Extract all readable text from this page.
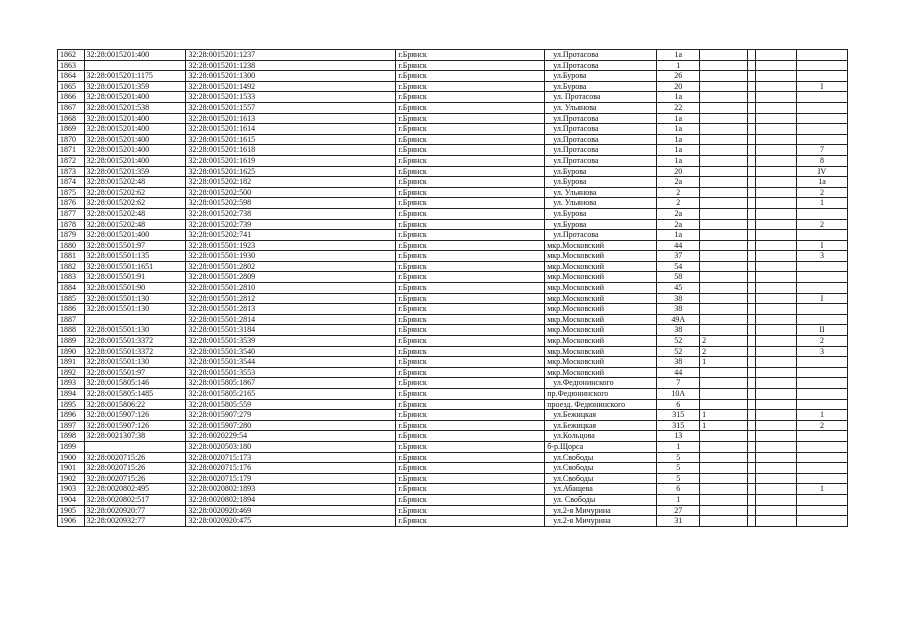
1862	32:28:0015201:400	32:28:0015201:1237	г.Брянск	ул.Протасова	1а				
1863		32:28:0015201:1238	г.Брянск	ул.Протасова	1				
1864	32:28:0015201:1175	32:28:0015201:1300	г.Брянск	ул.Бурова	26				
1865	32:28:0015201:359	32:28:0015201:1492	г.Брянск	ул.Бурова	20				I
1866	32:28:0015201:400	32:28:0015201:1533	г.Брянск	ул. Протасова	1а				
1867	32:28:0015201:538	32:28:0015201:1557	г.Брянск	ул. Ульянова	22				
1868	32:28:0015201:400	32:28:0015201:1613	г.Брянск	ул.Протасова	1а				
1869	32:28:0015201:400	32:28:0015201:1614	г.Брянск	ул.Протасова	1а				
1870	32:28:0015201:400	32:28:0015201:1615	г.Брянск	ул.Протасова	1а				
1871	32:28:0015201:400	32:28:0015201:1618	г.Брянск	ул.Протасова	1а				7
1872	32:28:0015201:400	32:28:0015201:1619	г.Брянск	ул.Протасова	1а				8
1873	32:28:0015201:359	32:28:0015201:1625	г.Брянск	ул.Бурова	20				IV
1874	32:28:0015202:48	32:28:0015202:182	г.Брянск	ул.Бурова	2а				1а
1875	32:28:0015202:62	32:28:0015202:500	г.Брянск	ул. Ульянова	2				2
1876	32:28:0015202:62	32:28:0015202:598	г.Брянск	ул. Ульянова	2				1
1877	32:28:0015202:48	32:28:0015202:738	г.Брянск	ул.Бурова	2а				
1878	32:28:0015202:48	32:28:0015202:739	г.Брянск	ул.Бурова	2а				2
1879	32:28:0015201:400	32:28:0015202:741	г.Брянск	ул.Протасова	1а				
1880	32:28:0015501:97	32:28:0015501:1923	г.Брянск	мкр.Московский	44				I
1881	32:28:0015501:135	32:28:0015501:1930	г.Брянск	мкр.Московский	37				3
1882	32:28:0015501:1651	32:28:0015501:2802	г.Брянск	мкр.Московский	54				
1883	32:28:0015501:91	32:28:0015501:2809	г.Брянск	мкр.Московский	58				
1884	32:28:0015501:90	32:28:0015501:2810	г.Брянск	мкр.Московский	45				
1885	32:28:0015501:130	32:28:0015501:2812	г.Брянск	мкр.Московский	38				I
1886	32:28:0015501:130	32:28:0015501:2813	г.Брянск	мкр.Московский	38				
1887		32:28:0015501:2814	г.Брянск	мкр.Московский	49А				
1888	32:28:0015501:130	32:28:0015501:3184	г.Брянск	мкр.Московский	38				II
1889	32:28:0015501:3372	32:28:0015501:3539	г.Брянск	мкр.Московский	52	2			2
1890	32:28:0015501:3372	32:28:0015501:3540	г.Брянск	мкр.Московский	52	2			3
1891	32:28:0015501:130	32:28:0015501:3544	г.Брянск	мкр.Московский	38	1			
1892	32:28:0015501:97	32:28:0015501:3553	г.Брянск	мкр.Московский	44				
1893	32:28:0015805:146	32:28:0015805:1867	г.Брянск	ул.Федюнинского	7				
1894	32:28:0015805:1485	32:28:0015805:2165	г.Брянск	пр.Федюнинского	10А				
1895	32:28:0015806:22	32:28:0015805:559	г.Брянск	проезд. Федюнинского	6				
1896	32:28:0015907:126	32:28:0015907:279	г.Брянск	ул.Бежицкая	315	1			1
1897	32:28:0015907:126	32:28:0015907:280	г.Брянск	ул.Бежицкая	315	1			2
1898	32:28:0021307:38	32:28:0020229:54	г.Брянск	ул.Кольцова	13				
1899		32:28:0020503:180	г.Брянск	б-р.Щорса	1				
1900	32:28:0020715:26	32:28:0020715:173	г.Брянск	ул.Свободы	5				
1901	32:28:0020715:26	32:28:0020715:176	г.Брянск	ул.Свободы	5				
1902	32:28:0020715:26	32:28:0020715:179	г.Брянск	ул.Свободы	5				
1903	32:28:0020802:495	32:28:0020802:1893	г.Брянск	ул.Абащева	6				1
1904	32:28:0020802:517	32:28:0020802:1894	г.Брянск	ул. Свободы	1				
1905	32:28:0020920:77	32:28:0020920:469	г.Брянск	ул.2-я Мичурина	27				
1906	32:28:0020932:77	32:28:0020920:475	г.Брянск	ул.2-я Мичурина	31				
